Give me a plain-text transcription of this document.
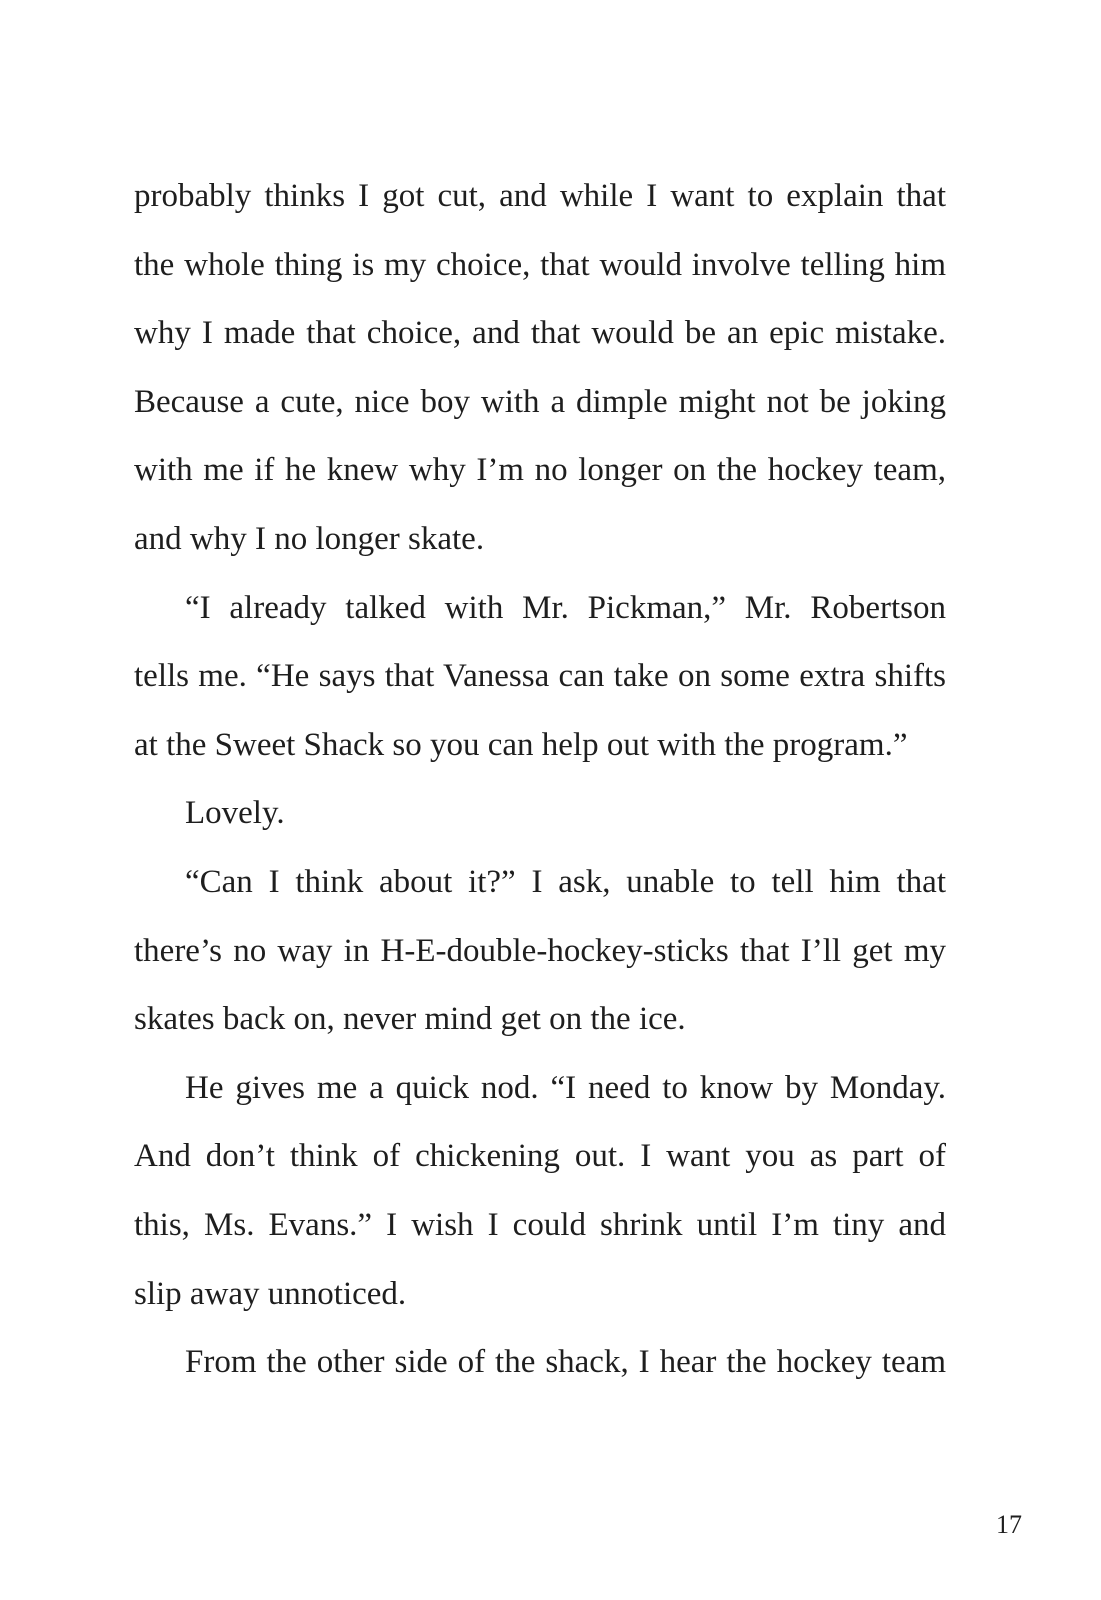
probably thinks I got cut, and while I want to explain that
the whole thing is my choice, that would involve telling him
why I made that choice, and that would be an epic mistake.
Because a cute, nice boy with a dimple might not be joking
with me if he knew why I’m no longer on the hockey team,
and why I no longer skate.
“I already talked with Mr. Pickman,” Mr. Robertson
tells me. “He says that Vanessa can take on some extra shifts
at the Sweet Shack so you can help out with the program.”
Lovely.
“Can I think about it?” I ask, unable to tell him that
there’s no way in H-E-double-hockey-sticks that I’ll get my
skates back on, never mind get on the ice.
He gives me a quick nod. “I need to know by Monday.
And don’t think of chickening out. I want you as part of
this, Ms. Evans.” I wish I could shrink until I’m tiny and
slip away unnoticed.
From the other side of the shack, I hear the hockey team
17
